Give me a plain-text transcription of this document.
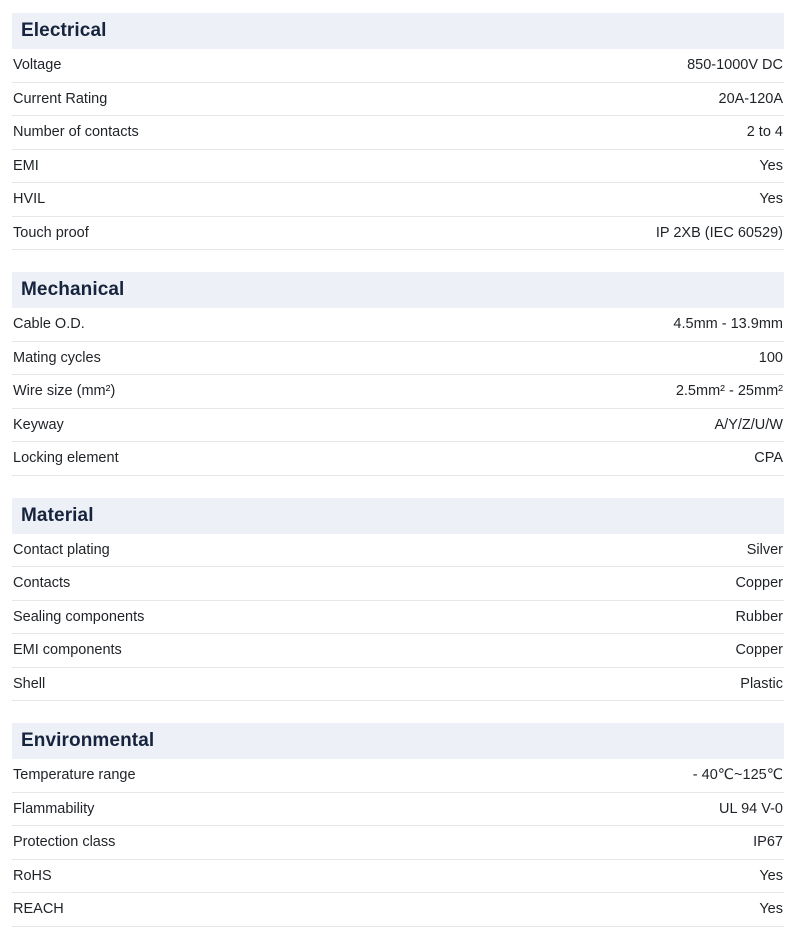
Electrical
Voltage	850-1000V DC
Current Rating	20A-120A
Number of contacts	2 to 4
EMI	Yes
HVIL	Yes
Touch proof	IP 2XB (IEC 60529)
Mechanical
Cable O.D.	4.5mm - 13.9mm
Mating cycles	100
Wire size (mm²)	2.5mm² - 25mm²
Keyway	A/Y/Z/U/W
Locking element	CPA
Material
Contact plating	Silver
Contacts	Copper
Sealing components	Rubber
EMI components	Copper
Shell	Plastic
Environmental
Temperature range	- 40℃~125℃
Flammability	UL 94 V-0
Protection class	IP67
RoHS	Yes
REACH	Yes
